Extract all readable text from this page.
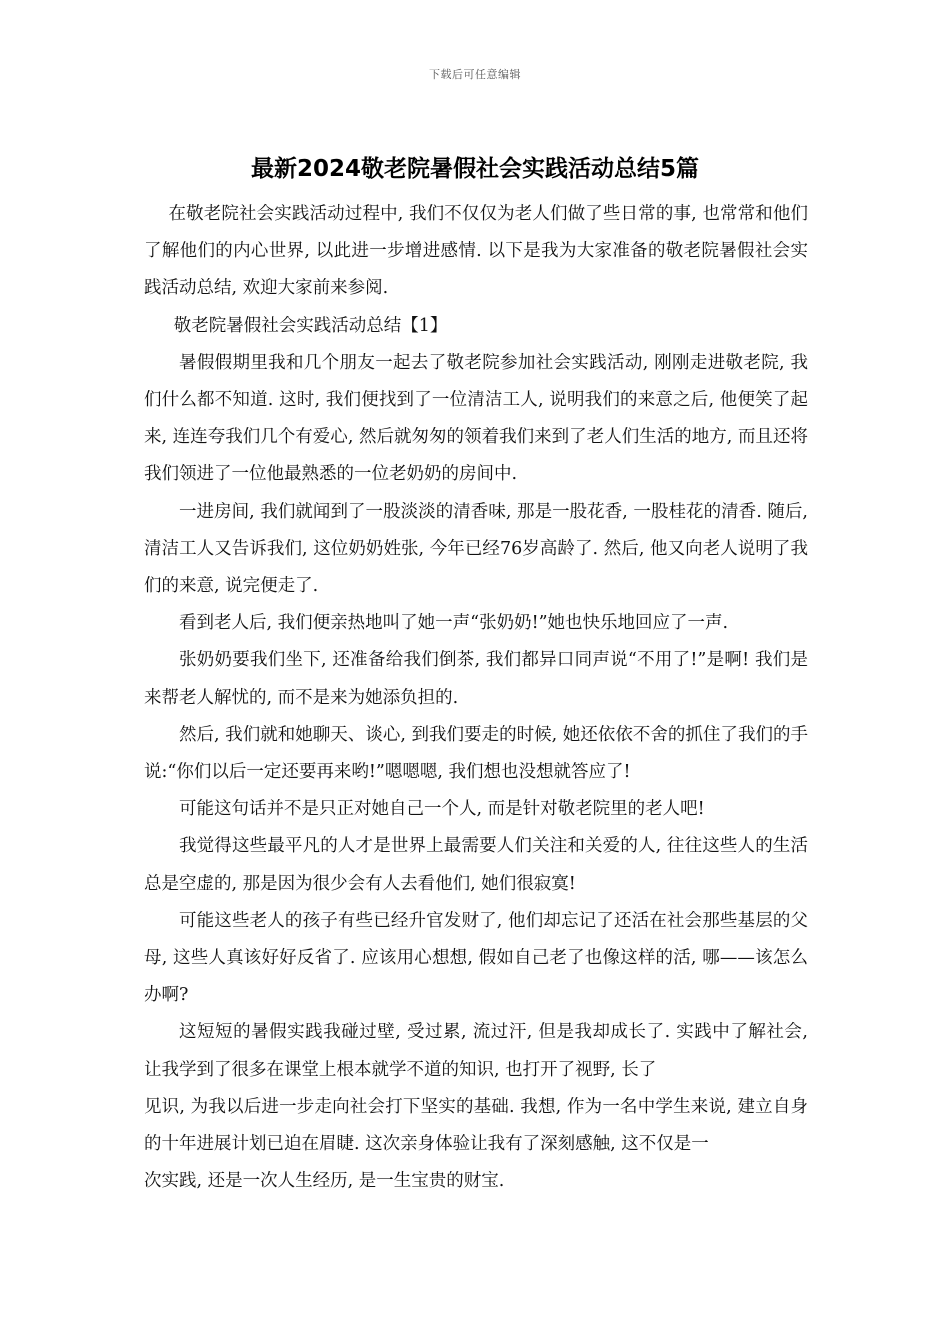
下载后可任意编辑
最新2024敬老院暑假社会实践活动总结5篇

在敬老院社会实践活动过程中, 我们不仅仅为老人们做了些日常的事, 也常常和他们了解他们的内心世界, 以此进一步增进感情. 以下是我为大家准备的敬老院暑假社会实践活动总结, 欢迎大家前来参阅.

敬老院暑假社会实践活动总结【1】

暑假假期里我和几个朋友一起去了敬老院参加社会实践活动, 刚刚走进敬老院, 我们什么都不知道. 这时, 我们便找到了一位清洁工人, 说明我们的来意之后, 他便笑了起来, 连连夸我们几个有爱心, 然后就匆匆的领着我们来到了老人们生活的地方, 而且还将我们领进了一位他最熟悉的一位老奶奶的房间中.

一进房间, 我们就闻到了一股淡淡的清香味, 那是一股花香, 一股桂花的清香. 随后, 清洁工人又告诉我们, 这位奶奶姓张, 今年已经76岁高龄了. 然后, 他又向老人说明了我们的来意, 说完便走了.

看到老人后, 我们便亲热地叫了她一声“张奶奶!”她也快乐地回应了一声.

张奶奶要我们坐下, 还准备给我们倒茶, 我们都异口同声说“不用了!”是啊! 我们是来帮老人解忧的, 而不是来为她添负担的.

然后, 我们就和她聊天、谈心, 到我们要走的时候, 她还依依不舍的抓住了我们的手说:“你们以后一定还要再来哟!”嗯嗯嗯, 我们想也没想就答应了!

可能这句话并不是只正对她自己一个人, 而是针对敬老院里的老人吧!

我觉得这些最平凡的人才是世界上最需要人们关注和关爱的人, 往往这些人的生活总是空虚的, 那是因为很少会有人去看他们, 她们很寂寞!

可能这些老人的孩子有些已经升官发财了, 他们却忘记了还活在社会那些基层的父母, 这些人真该好好反省了. 应该用心想想, 假如自己老了也像这样的活, 哪——该怎么办啊?

这短短的暑假实践我碰过壁, 受过累, 流过汗, 但是我却成长了. 实践中了解社会, 让我学到了很多在课堂上根本就学不道的知识, 也打开了视野, 长了

见识, 为我以后进一步走向社会打下坚实的基础. 我想, 作为一名中学生来说, 建立自身的十年进展计划已迫在眉睫. 这次亲身体验让我有了深刻感触, 这不仅是一

次实践, 还是一次人生经历, 是一生宝贵的财宝.
